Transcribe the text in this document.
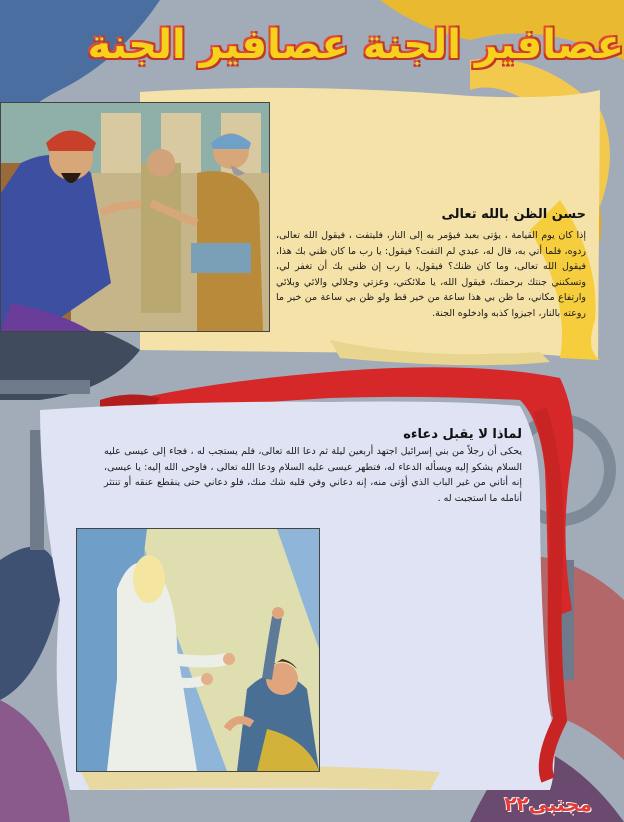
عصافير الجنة عصافير الجنة
حسن الظن بالله تعالى
إذا كان يوم القيامة ، يؤتى بعبد فيؤمر به إلى النار، فليتفت ، فيقول الله تعالى، ردوه، فلما أتي به، قال له، عبدي لم التفت؟ فيقول: يا رب ما كان ظني بك هذا، فيقول الله تعالى، وما كان ظنك؟ فيقول، يا رب إن ظني بك أن تغفر لي، وتسكنني جنتك برحمتك، فيقول الله، يا ملائكتي، وعزتي وجلالي والائي وبلائي وارتفاع مكاني، ما ظن بي هذا ساعة من خير قط ولو ظن بي ساعة من خير ما روعته بالنار، اجيزوا كذبه وادخلوه الجنة.
لماذا لا يقبل دعاءه
يحكى أن رجلاً من بني إسرائيل اجتهد أربعين ليلة ثم دعا الله تعالى، فلم يستجب له ، فجاء إلى عيسى عليه السلام يشكو إليه ويسأله الدعاء له، فتطهر عيسى عليه السلام ودعا الله تعالى ، فاوحى الله إليه: يا عيسى، إنه أتاني من غير الباب الذي أؤتى منه، إنه دعاني وفي قلبه شك منك، فلو دعاني حتى ينقطع عنقه أو تنتثر أنامله ما استجبت له .
مجتبى٢٢
